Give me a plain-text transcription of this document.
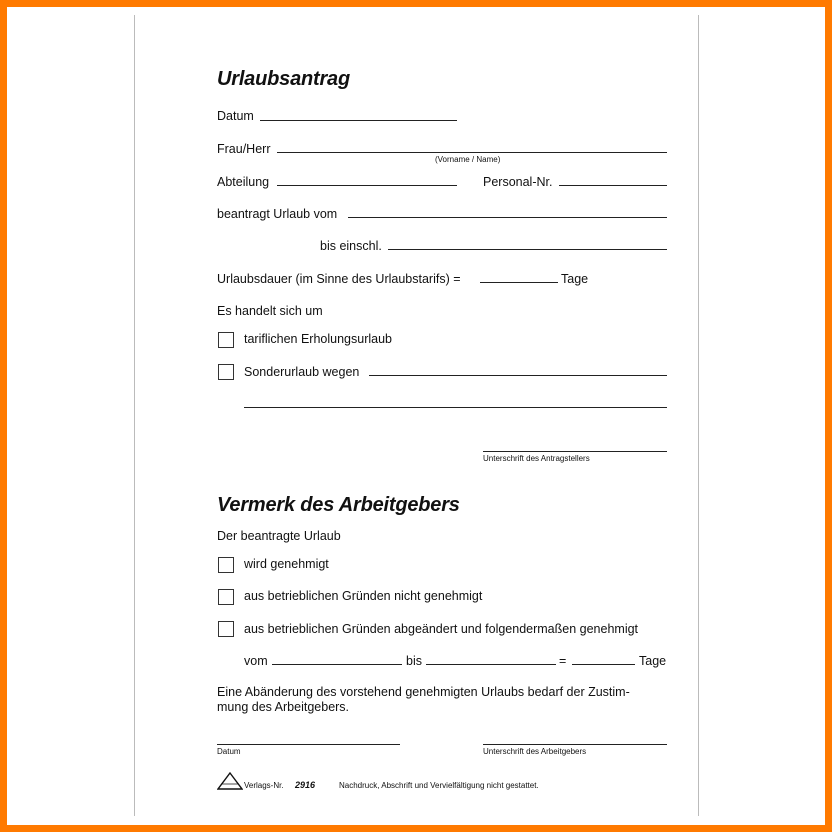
Urlaubsantrag
Datum
Frau/Herr
(Vorname / Name)
Abteilung	Personal-Nr.
beantragt Urlaub vom
bis einschl.
Urlaubsdauer (im Sinne des Urlaubstarifs) =	Tage
Es handelt sich um
tariflichen Erholungsurlaub
Sonderurlaub wegen
Unterschrift des Antragstellers
Vermerk des Arbeitgebers
Der beantragte Urlaub
wird genehmigt
aus betrieblichen Gründen nicht genehmigt
aus betrieblichen Gründen abgeändert und folgendermaßen genehmigt
vom	bis	=	Tage
Eine Abänderung des vorstehend genehmigten Urlaubs bedarf der Zustim-
mung des Arbeitgebers.
Datum	Unterschrift des Arbeitgebers
Verlags-Nr. 2916	Nachdruck, Abschrift und Vervielfältigung nicht gestattet.
